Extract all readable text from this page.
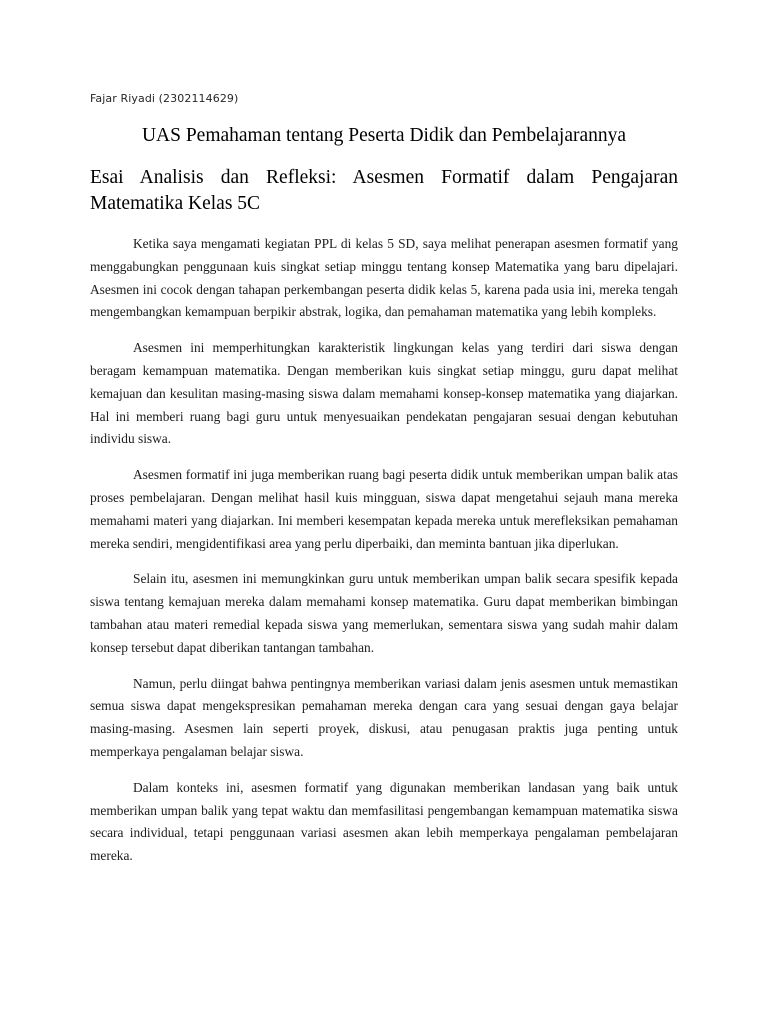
Fajar Riyadi (2302114629)

UAS Pemahaman tentang Peserta Didik dan Pembelajarannya
Esai Analisis dan Refleksi: Asesmen Formatif dalam Pengajaran Matematika Kelas 5C

Ketika saya mengamati kegiatan PPL di kelas 5 SD, saya melihat penerapan asesmen formatif yang menggabungkan penggunaan kuis singkat setiap minggu tentang konsep Matematika yang baru dipelajari. Asesmen ini cocok dengan tahapan perkembangan peserta didik kelas 5, karena pada usia ini, mereka tengah mengembangkan kemampuan berpikir abstrak, logika, dan pemahaman matematika yang lebih kompleks.

Asesmen ini memperhitungkan karakteristik lingkungan kelas yang terdiri dari siswa dengan beragam kemampuan matematika. Dengan memberikan kuis singkat setiap minggu, guru dapat melihat kemajuan dan kesulitan masing-masing siswa dalam memahami konsep-konsep matematika yang diajarkan. Hal ini memberi ruang bagi guru untuk menyesuaikan pendekatan pengajaran sesuai dengan kebutuhan individu siswa.

Asesmen formatif ini juga memberikan ruang bagi peserta didik untuk memberikan umpan balik atas proses pembelajaran. Dengan melihat hasil kuis mingguan, siswa dapat mengetahui sejauh mana mereka memahami materi yang diajarkan. Ini memberi kesempatan kepada mereka untuk merefleksikan pemahaman mereka sendiri, mengidentifikasi area yang perlu diperbaiki, dan meminta bantuan jika diperlukan.

Selain itu, asesmen ini memungkinkan guru untuk memberikan umpan balik secara spesifik kepada siswa tentang kemajuan mereka dalam memahami konsep matematika. Guru dapat memberikan bimbingan tambahan atau materi remedial kepada siswa yang memerlukan, sementara siswa yang sudah mahir dalam konsep tersebut dapat diberikan tantangan tambahan.

Namun, perlu diingat bahwa pentingnya memberikan variasi dalam jenis asesmen untuk memastikan semua siswa dapat mengekspresikan pemahaman mereka dengan cara yang sesuai dengan gaya belajar masing-masing. Asesmen lain seperti proyek, diskusi, atau penugasan praktis juga penting untuk memperkaya pengalaman belajar siswa.

Dalam konteks ini, asesmen formatif yang digunakan memberikan landasan yang baik untuk memberikan umpan balik yang tepat waktu dan memfasilitasi pengembangan kemampuan matematika siswa secara individual, tetapi penggunaan variasi asesmen akan lebih memperkaya pengalaman pembelajaran mereka.
